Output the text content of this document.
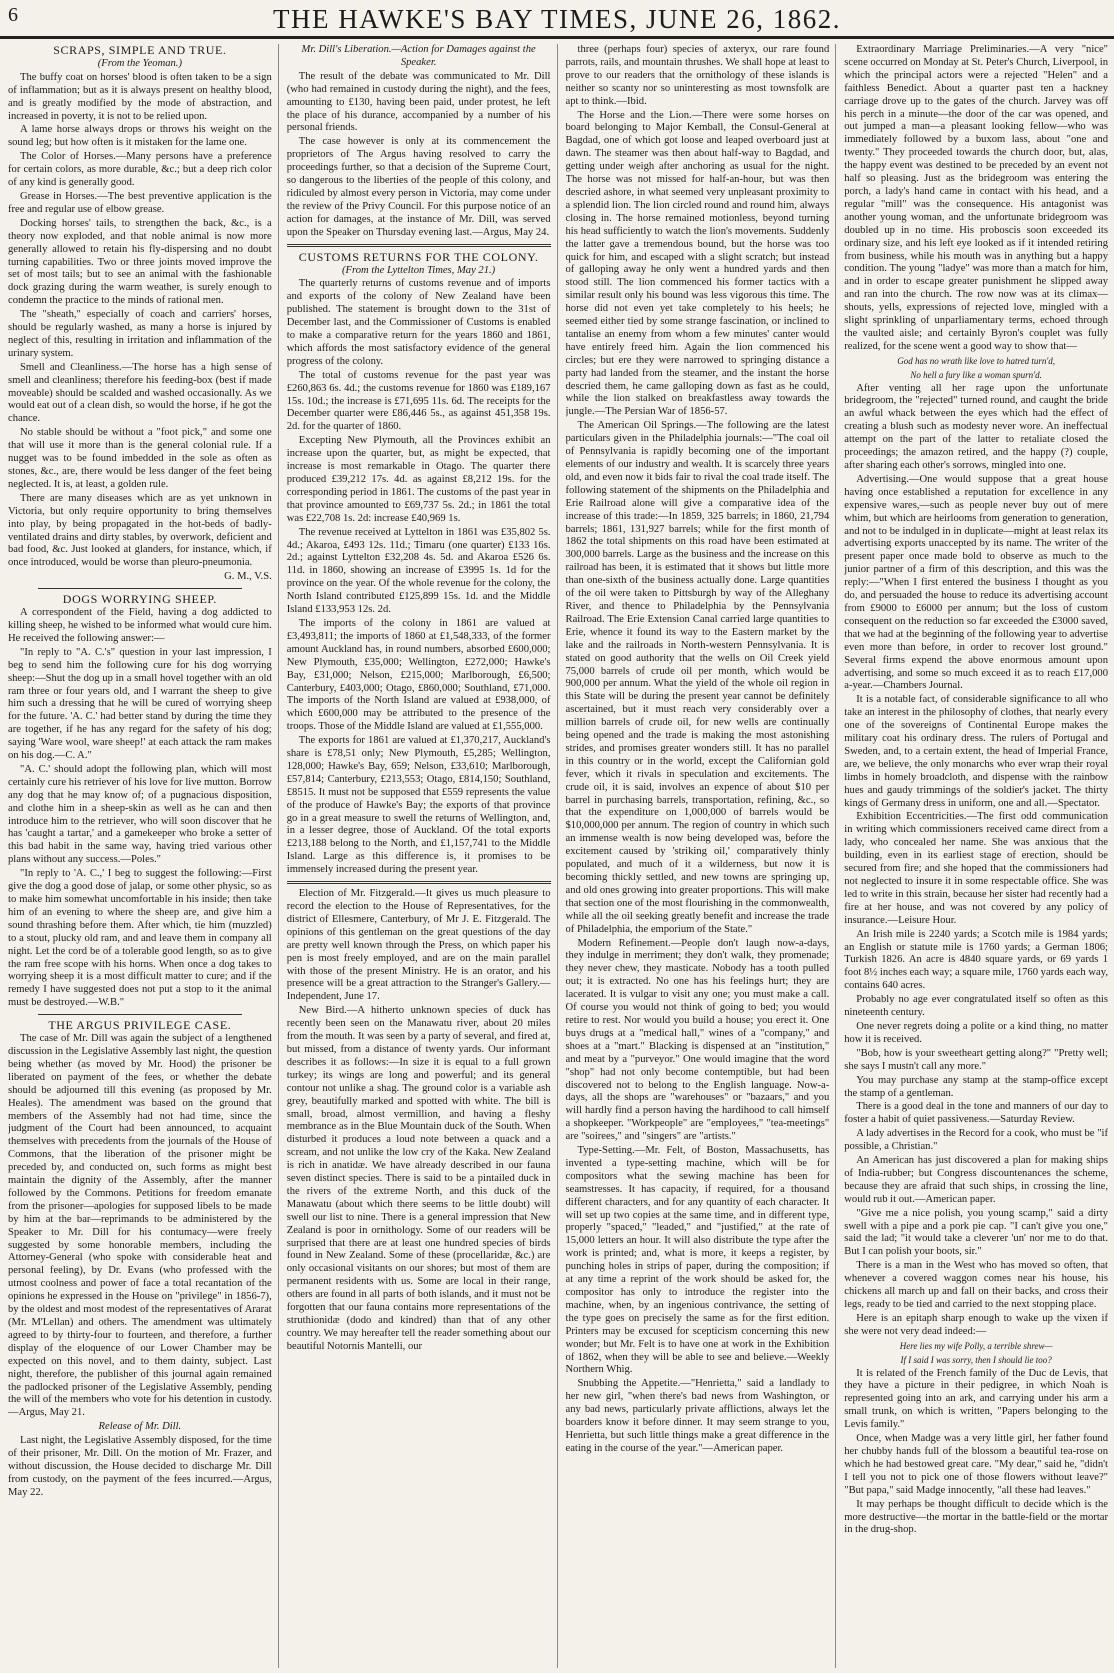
6	THE HAWKE'S BAY TIMES, JUNE 26, 1862.

SCRAPS, SIMPLE AND TRUE.

(From the Yeoman.)

The buffy coat on horses' blood is often taken to be a sign of inflammation; but as it is always present on healthy blood, and is greatly modified by the mode of abstraction, and increased in poverty, it is not to be relied upon.

A lame horse always drops or throws his weight on the sound leg; but how often is it mistaken for the lame one.

The Color of Horses.—Many persons have a preference for certain colors, as more durable, &c.; but a deep rich color of any kind is generally good.

Grease in Horses.—The best preventive application is the free and regular use of elbow grease.

Docking horses' tails, to strengthen the back, &c., is a theory now exploded, and that noble animal is now more generally allowed to retain his fly-dispersing and no doubt turning capabilities. Two or three joints moved improve the set of most tails; but to see an animal with the fashionable dock grazing during the warm weather, is surely enough to condemn the practice to the minds of rational men.

The "sheath," especially of coach and carriers' horses, should be regularly washed, as many a horse is injured by neglect of this, resulting in irritation and inflammation of the urinary system.

Smell and Cleanliness.—The horse has a high sense of smell and cleanliness; therefore his feeding-box (best if made moveable) should be scalded and washed occasionally. As we would eat out of a clean dish, so would the horse, if he got the chance.

No stable should be without a "foot pick," and some one that will use it more than is the general colonial rule. If a nugget was to be found imbedded in the sole as often as stones, &c., are, there would be less danger of the feet being neglected. It is, at least, a golden rule.

There are many diseases which are as yet unknown in Victoria, but only require opportunity to bring themselves into play, by being propagated in the hot-beds of badly-ventilated drains and dirty stables, by overwork, deficient and bad food, &c. Just looked at glanders, for instance, which, if once introduced, would be worse than pleuro-pneumonia.

G. M., V.S.

DOGS WORRYING SHEEP.

A correspondent of the Field, having a dog addicted to killing sheep, he wished to be informed what would cure him. He received the following answer:—

"In reply to "A. C.'s" question in your last impression, I beg to send him the following cure for his dog worrying sheep:—Shut the dog up in a small hovel together with an old ram three or four years old, and I warrant the sheep to give him such a dressing that he will be cured of worrying sheep for the future. 'A. C.' had better stand by during the time they are together, if he has any regard for the safety of his dog; saying 'Ware wool, ware sheep!' at each attack the ram makes on his dog.—C. A."

"A. C.' should adopt the following plan, which will most certainly cure his retriever of his love for live mutton. Borrow any dog that he may know of; of a pugnacious disposition, and clothe him in a sheep-skin as well as he can and then introduce him to the retriever, who will soon discover that he has 'caught a tartar,' and a gamekeeper who broke a setter of this bad habit in the same way, having tried various other plans without any success.—Poles."

"In reply to 'A. C.,' I beg to suggest the following:—First give the dog a good dose of jalap, or some other physic, so as to make him somewhat uncomfortable in his inside; then take him of an evening to where the sheep are, and give him a sound thrashing before them. After which, tie him (muzzled) to a stout, plucky old ram, and and leave them in company all night. Let the cord be of a tolerable good length, so as to give the ram free scope with his horns. When once a dog takes to worrying sheep it is a most difficult matter to cure; and if the remedy I have suggested does not put a stop to it the animal must be destroyed.—W.B."

THE ARGUS PRIVILEGE CASE.

The case of Mr. Dill was again the subject of a lengthened discussion in the Legislative Assembly last night, the question being whether (as moved by Mr. Hood) the prisoner be liberated on payment of the fees, or whether the debate should be adjourned till this evening (as proposed by Mr. Heales). The amendment was based on the ground that members of the Assembly had not had time, since the judgment of the Court had been announced, to acquaint themselves with precedents from the journals of the House of Commons, that the liberation of the prisoner might be preceded by, and conducted on, such forms as might best maintain the dignity of the Assembly, after the manner followed by the Commons. Petitions for freedom emanate from the prisoner—apologies for supposed libels to be made by him at the bar—reprimands to be administered by the Speaker to Mr. Dill for his contumacy—were freely suggested by some honorable members, including the Attorney-General (who spoke with considerable heat and personal feeling), by Dr. Evans (who professed with the utmost coolness and power of face a total recantation of the opinions he expressed in the House on "privilege" in 1856-7), by the oldest and most modest of the representatives of Ararat (Mr. M'Lellan) and others. The amendment was ultimately agreed to by thirty-four to fourteen, and therefore, a further display of the eloquence of our Lower Chamber may be expected on this novel, and to them dainty, subject. Last night, therefore, the publisher of this journal again remained the padlocked prisoner of the Legislative Assembly, pending the will of the members who vote for his detention in custody.—Argus, May 21.

Release of Mr. Dill.

Last night, the Legislative Assembly disposed, for the time of their prisoner, Mr. Dill. On the motion of Mr. Frazer, and without discussion, the House decided to discharge Mr. Dill from custody, on the payment of the fees incurred.—Argus, May 22.

Mr. Dill's Liberation.—Action for Damages against the Speaker.

The result of the debate was communicated to Mr. Dill (who had remained in custody during the night), and the fees, amounting to £130, having been paid, under protest, he left the place of his durance, accompanied by a number of his personal friends.

The case however is only at its commencement the proprietors of The Argus having resolved to carry the proceedings further, so that a decision of the Supreme Court, so dangerous to the liberties of the people of this colony, and ridiculed by almost every person in Victoria, may come under the review of the Privy Council. For this purpose notice of an action for damages, at the instance of Mr. Dill, was served upon the Speaker on Thursday evening last.—Argus, May 24.

CUSTOMS RETURNS FOR THE COLONY.

(From the Lyttelton Times, May 21.)

The quarterly returns of customs revenue and of imports and exports of the colony of New Zealand have been published. The statement is brought down to the 31st of December last, and the Commissioner of Customs is enabled to make a comparative return for the years 1860 and 1861, which affords the most satisfactory evidence of the general progress of the colony.

The total of customs revenue for the past year was £260,863 6s. 4d.; the customs revenue for 1860 was £189,167 15s. 10d.; the increase is £71,695 11s. 6d. The receipts for the December quarter were £86,446 5s., as against 451,358 19s. 2d. for the quarter of 1860.

Excepting New Plymouth, all the Provinces exhibit an increase upon the quarter, but, as might be expected, that increase is most remarkable in Otago. The quarter there produced £39,212 17s. 4d. as against £8,212 19s. for the corresponding period in 1861. The customs of the past year in that province amounted to £69,737 5s. 2d.; in 1861 the total was £22,708 1s. 2d: increase £40,969 1s.

The revenue received at Lyttelton in 1861 was £35,802 5s. 4d.; Akaroa, £493 12s. 11d.; Timaru (one quarter) £133 16s. 2d.; against Lyttelton £32,208 4s. 5d. and Akaroa £526 6s. 11d. in 1860, showing an increase of £3995 1s. 1d for the province on the year. Of the whole revenue for the colony, the North Island contributed £125,899 15s. 1d. and the Middle Island £133,953 12s. 2d.

The imports of the colony in 1861 are valued at £3,493,811; the imports of 1860 at £1,548,333, of the former amount Auckland has, in round numbers, absorbed £600,000; New Plymouth, £35,000; Wellington, £272,000; Hawke's Bay, £31,000; Nelson, £215,000; Marlborough, £6,500; Canterbury, £403,000; Otago, £860,000; Southland, £71,000. The imports of the North Island are valued at £938,000, of which £600,000 may be attributed to the presence of the troops. Those of the Middle Island are valued at £1,555,000.

The exports for 1861 are valued at £1,370,217, Auckland's share is £78,51 only; New Plymouth, £5,285; Wellington, 128,000; Hawke's Bay, 659; Nelson, £33,610; Marlborough, £57,814; Canterbury, £213,553; Otago, £814,150; Southland, £8515. It must not be supposed that £559 represents the value of the produce of Hawke's Bay; the exports of that province go in a great measure to swell the returns of Wellington, and, in a lesser degree, those of Auckland. Of the total exports £213,188 belong to the North, and £1,157,741 to the Middle Island. Large as this difference is, it promises to be immensely increased during the present year.

Election of Mr. Fitzgerald.—It gives us much pleasure to record the election to the House of Representatives, for the district of Ellesmere, Canterbury, of Mr J. E. Fitzgerald. The opinions of this gentleman on the great questions of the day are pretty well known through the Press, on which paper his pen is most freely employed, and are on the main parallel with those of the present Ministry. He is an orator, and his presence will be a great attraction to the Stranger's Gallery.—Independent, June 17.

New Bird.—A hitherto unknown species of duck has recently been seen on the Manawatu river, about 20 miles from the mouth. It was seen by a party of several, and fired at, but missed, from a distance of twenty yards. Our informant describes it as follows:—In size it is equal to a full grown turkey; its wings are long and powerful; and its general contour not unlike a shag. The ground color is a variable ash grey, beautifully marked and spotted with white. The bill is small, broad, almost vermillion, and having a fleshy membrance as in the Blue Mountain duck of the South. When disturbed it produces a loud note between a quack and a scream, and not unlike the low cry of the Kaka. New Zealand is rich in anatidæ. We have already described in our fauna seven distinct species. There is said to be a pintailed duck in the rivers of the extreme North, and this duck of the Manawatu (about which there seems to be little doubt) will swell our list to nine. There is a general impression that New Zealand is poor in ornithology. Some of our readers will be surprised that there are at least one hundred species of birds found in New Zealand. Some of these (procellaridæ, &c.) are only occasional visitants on our shores; but most of them are permanent residents with us. Some are local in their range, others are found in all parts of both islands, and it must not be forgotten that our fauna contains more representations of the struthionidæ (dodo and kindred) than that of any other country. We may hereafter tell the reader something about our beautiful Notornis Mantelli, our

three (perhaps four) species of axteryx, our rare found parrots, rails, and mountain thrushes. We shall hope at least to prove to our readers that the ornithology of these islands is neither so scanty nor so uninteresting as most townsfolk are apt to think.—Ibid.

The Horse and the Lion.—There were some horses on board belonging to Major Kemball, the Consul-General at Bagdad, one of which got loose and leaped overboard just at dawn. The steamer was then about half-way to Bagdad, and getting under weigh after anchoring as usual for the night. The horse was not missed for half-an-hour, but was then descried ashore, in what seemed very unpleasant proximity to a splendid lion. The lion circled round and round him, always closing in. The horse remained motionless, beyond turning his head sufficiently to watch the lion's movements. Suddenly the latter gave a tremendous bound, but the horse was too quick for him, and escaped with a slight scratch; but instead of galloping away he only went a hundred yards and then stood still. The lion commenced his former tactics with a similar result only his bound was less vigorous this time. The horse did not even yet take completely to his heels; he seemed either tied by some strange fascination, or inclined to tantalise an enemy from whom a few minutes' canter would have entirely freed him. Again the lion commenced his circles; but ere they were narrowed to springing distance a party had landed from the steamer, and the instant the horse descried them, he came galloping down as fast as he could, while the lion stalked on breakfastless away towards the jungle.—The Persian War of 1856-57.

The American Oil Springs.—The following are the latest particulars given in the Philadelphia journals:—"The coal oil of Pennsylvania is rapidly becoming one of the important elements of our industry and wealth. It is scarcely three years old, and even now it bids fair to rival the coal trade itself. The following statement of the shipments on the Philadelphia and Erie Railroad alone will give a comparative idea of the increase of this trade:—In 1859, 325 barrels; in 1860, 21,794 barrels; 1861, 131,927 barrels; while for the first month of 1862 the total shipments on this road have been estimated at 300,000 barrels. Large as the business and the increase on this railroad has been, it is estimated that it shows but little more than one-sixth of the business actually done. Large quantities of the oil were taken to Pittsburgh by way of the Alleghany River, and thence to Philadelphia by the Pennsylvania Railroad. The Erie Extension Canal carried large quantities to Erie, whence it found its way to the Eastern market by the lake and the railroads in North-western Pennsylvania. It is stated on good authority that the wells on Oil Creek yield 75,000 barrels of crude oil per month, which would be 900,000 per annum. What the yield of the whole oil region in this State will be during the present year cannot be definitely ascertained, but it must reach very considerably over a million barrels of crude oil, for new wells are continually being opened and the trade is making the most astonishing strides, and promises greater wonders still. It has no parallel in this country or in the world, except the Californian gold fever, which it rivals in speculation and excitements. The crude oil, it is said, involves an expence of about $10 per barrel in purchasing barrels, transportation, refining, &c., so that the expenditure on 1,000,000 of barrels would be $10,000,000 per annum. The region of country in which such an immense wealth is now being developed was, before the excitement caused by 'striking oil,' comparatively thinly populated, and much of it a wilderness, but now it is becoming thickly settled, and new towns are springing up, and old ones growing into greater proportions. This will make that section one of the most flourishing in the commonwealth, while all the oil seeking greatly benefit and increase the trade of Philadelphia, the emporium of the State."

Modern Refinement.—People don't laugh now-a-days, they indulge in merriment; they don't walk, they promenade; they never chew, they masticate. Nobody has a tooth pulled out; it is extracted. No one has his feelings hurt; they are lacerated. It is vulgar to visit any one; you must make a call. Of course you would not think of going to bed; you would retire to rest. Nor would you build a house; you erect it. One buys drugs at a "medical hall," wines of a "company," and shoes at a "mart." Blacking is dispensed at an "institution," and meat by a "purveyor." One would imagine that the word "shop" had not only become contemptible, but had been discovered not to belong to the English language. Now-a-days, all the shops are "warehouses" or "bazaars," and you will hardly find a person having the hardihood to call himself a shopkeeper. "Workpeople" are "employees," "tea-meetings" are "soirees," and "singers" are "artists."

Type-Setting.—Mr. Felt, of Boston, Massachusetts, has invented a type-setting machine, which will be for compositors what the sewing machine has been for seamstresses. It has capacity, if required, for a thousand different characters, and for any quantity of each character. It will set up two copies at the same time, and in different type, properly "spaced," "leaded," and "justified," at the rate of 15,000 letters an hour. It will also distribute the type after the work is printed; and, what is more, it keeps a register, by punching holes in strips of paper, during the composition; if at any time a reprint of the work should be asked for, the compositor has only to introduce the register into the machine, when, by an ingenious contrivance, the setting of the type goes on precisely the same as for the first edition. Printers may be excused for scepticism concerning this new wonder; but Mr. Felt is to have one at work in the Exhibition of 1862, when they will be able to see and believe.—Weekly Northern Whig.

Snubbing the Appetite.—"Henrietta," said a landlady to her new girl, "when there's bad news from Washington, or any bad news, particularly private afflictions, always let the boarders know it before dinner. It may seem strange to you, Henrietta, but such little things make a great difference in the eating in the course of the year."—American paper.

Extraordinary Marriage Preliminaries.—A very "nice" scene occurred on Monday at St. Peter's Church, Liverpool, in which the principal actors were a rejected "Helen" and a faithless Benedict. About a quarter past ten a hackney carriage drove up to the gates of the church. Jarvey was off his perch in a minute—the door of the car was opened, and out jumped a man—a pleasant looking fellow—who was immediately followed by a buxom lass, about "one and twenty." They proceeded towards the church door, but, alas, the happy event was destined to be preceded by an event not half so pleasing. Just as the bridegroom was entering the porch, a lady's hand came in contact with his head, and a regular "mill" was the consequence. His antagonist was another young woman, and the unfortunate bridegroom was doubled up in no time. His proboscis soon exceeded its ordinary size, and his left eye looked as if it intended retiring from business, while his mouth was in anything but a happy condition. The young "ladye" was more than a match for him, and in order to escape greater punishment he slipped away and ran into the church. The row now was at its climax—shouts, yells, expressions of rejected love, mingled with a slight sprinkling of unparliamentary terms, echoed through the vaulted aisle; and certainly Byron's couplet was fully realized, for the scene went a good way to show that—

God has no wrath like love to hatred turn'd,

No hell a fury like a woman spurn'd.

After venting all her rage upon the unfortunate bridegroom, the "rejected" turned round, and caught the bride an awful whack between the eyes which had the effect of creating a blush such as modesty never wore. An ineffectual attempt on the part of the latter to retaliate closed the proceedings; the amazon retired, and the happy (?) couple, after sharing each other's sorrows, mingled into one.

Advertising.—One would suppose that a great house having once established a reputation for excellence in any expensive wares,—such as people never buy out of mere whim, but which are heirlooms from generation to generation, and not to be indulged in in duplicate—might at least relax its advertising exports unaccepted by its name. The writer of the present paper once made bold to observe as much to the junior partner of a firm of this description, and this was the reply:—"When I first entered the business I thought as you do, and persuaded the house to reduce its advertising account from £9000 to £6000 per annum; but the loss of custom consequent on the reduction so far exceeded the £3000 saved, that we had at the beginning of the following year to advertise even more than before, in order to recover lost ground." Several firms expend the above enormous amount upon advertising, and some so much exceed it as to reach £17,000 a-year.—Chambers Journal.

It is a notable fact, of considerable significance to all who take an interest in the philosophy of clothes, that nearly every one of the sovereigns of Continental Europe makes the military coat his ordinary dress. The rulers of Portugal and Sweden, and, to a certain extent, the head of Imperial France, are, we believe, the only monarchs who ever wrap their royal limbs in homely broadcloth, and dispense with the rainbow hues and gaudy trimmings of the soldier's jacket. The thirty kings of Germany dress in uniform, one and all.—Spectator.

Exhibition Eccentricities.—The first odd communication in writing which commissioners received came direct from a lady, who concealed her name. She was anxious that the building, even in its earliest stage of erection, should be secured from fire; and she hoped that the commissioners had not neglected to insure it in some respectable office. She was led to write in this strain, because her sister had recently had a fire at her house, and was not covered by any policy of insurance.—Leisure Hour.

An Irish mile is 2240 yards; a Scotch mile is 1984 yards; an English or statute mile is 1760 yards; a German 1806; Turkish 1826. An acre is 4840 square yards, or 69 yards 1 foot 8½ inches each way; a square mile, 1760 yards each way, contains 640 acres.

Probably no age ever congratulated itself so often as this nineteenth century.

One never regrets doing a polite or a kind thing, no matter how it is received.

"Bob, how is your sweetheart getting along?" "Pretty well; she says I mustn't call any more."

You may purchase any stamp at the stamp-office except the stamp of a gentleman.

There is a good deal in the tone and manners of our day to foster a habit of quiet passiveness.—Saturday Review.

A lady advertises in the Record for a cook, who must be "if possible, a Christian."

An American has just discovered a plan for making ships of India-rubber; but Congress discountenances the scheme, because they are afraid that such ships, in crossing the line, would rub it out.—American paper.

"Give me a nice polish, you young scamp," said a dirty swell with a pipe and a pork pie cap. "I can't give you one," said the lad; "it would take a cleverer 'un' nor me to do that. But I can polish your boots, sir."

There is a man in the West who has moved so often, that whenever a covered waggon comes near his house, his chickens all march up and fall on their backs, and cross their legs, ready to be tied and carried to the next stopping place.

Here is an epitaph sharp enough to wake up the vixen if she were not very dead indeed:—

Here lies my wife Polly, a terrible shrew—

If I said I was sorry, then I should lie too?

It is related of the French family of the Duc de Levis, that they have a picture in their pedigree, in which Noah is represented going into an ark, and carrying under his arm a small trunk, on which is written, "Papers belonging to the Levis family."

Once, when Madge was a very little girl, her father found her chubby hands full of the blossom a beautiful tea-rose on which he had bestowed great care. "My dear," said he, "didn't I tell you not to pick one of those flowers without leave?" "But papa," said Madge innocently, "all these had leaves."

It may perhaps be thought difficult to decide which is the more destructive—the mortar in the battle-field or the mortar in the drug-shop.
